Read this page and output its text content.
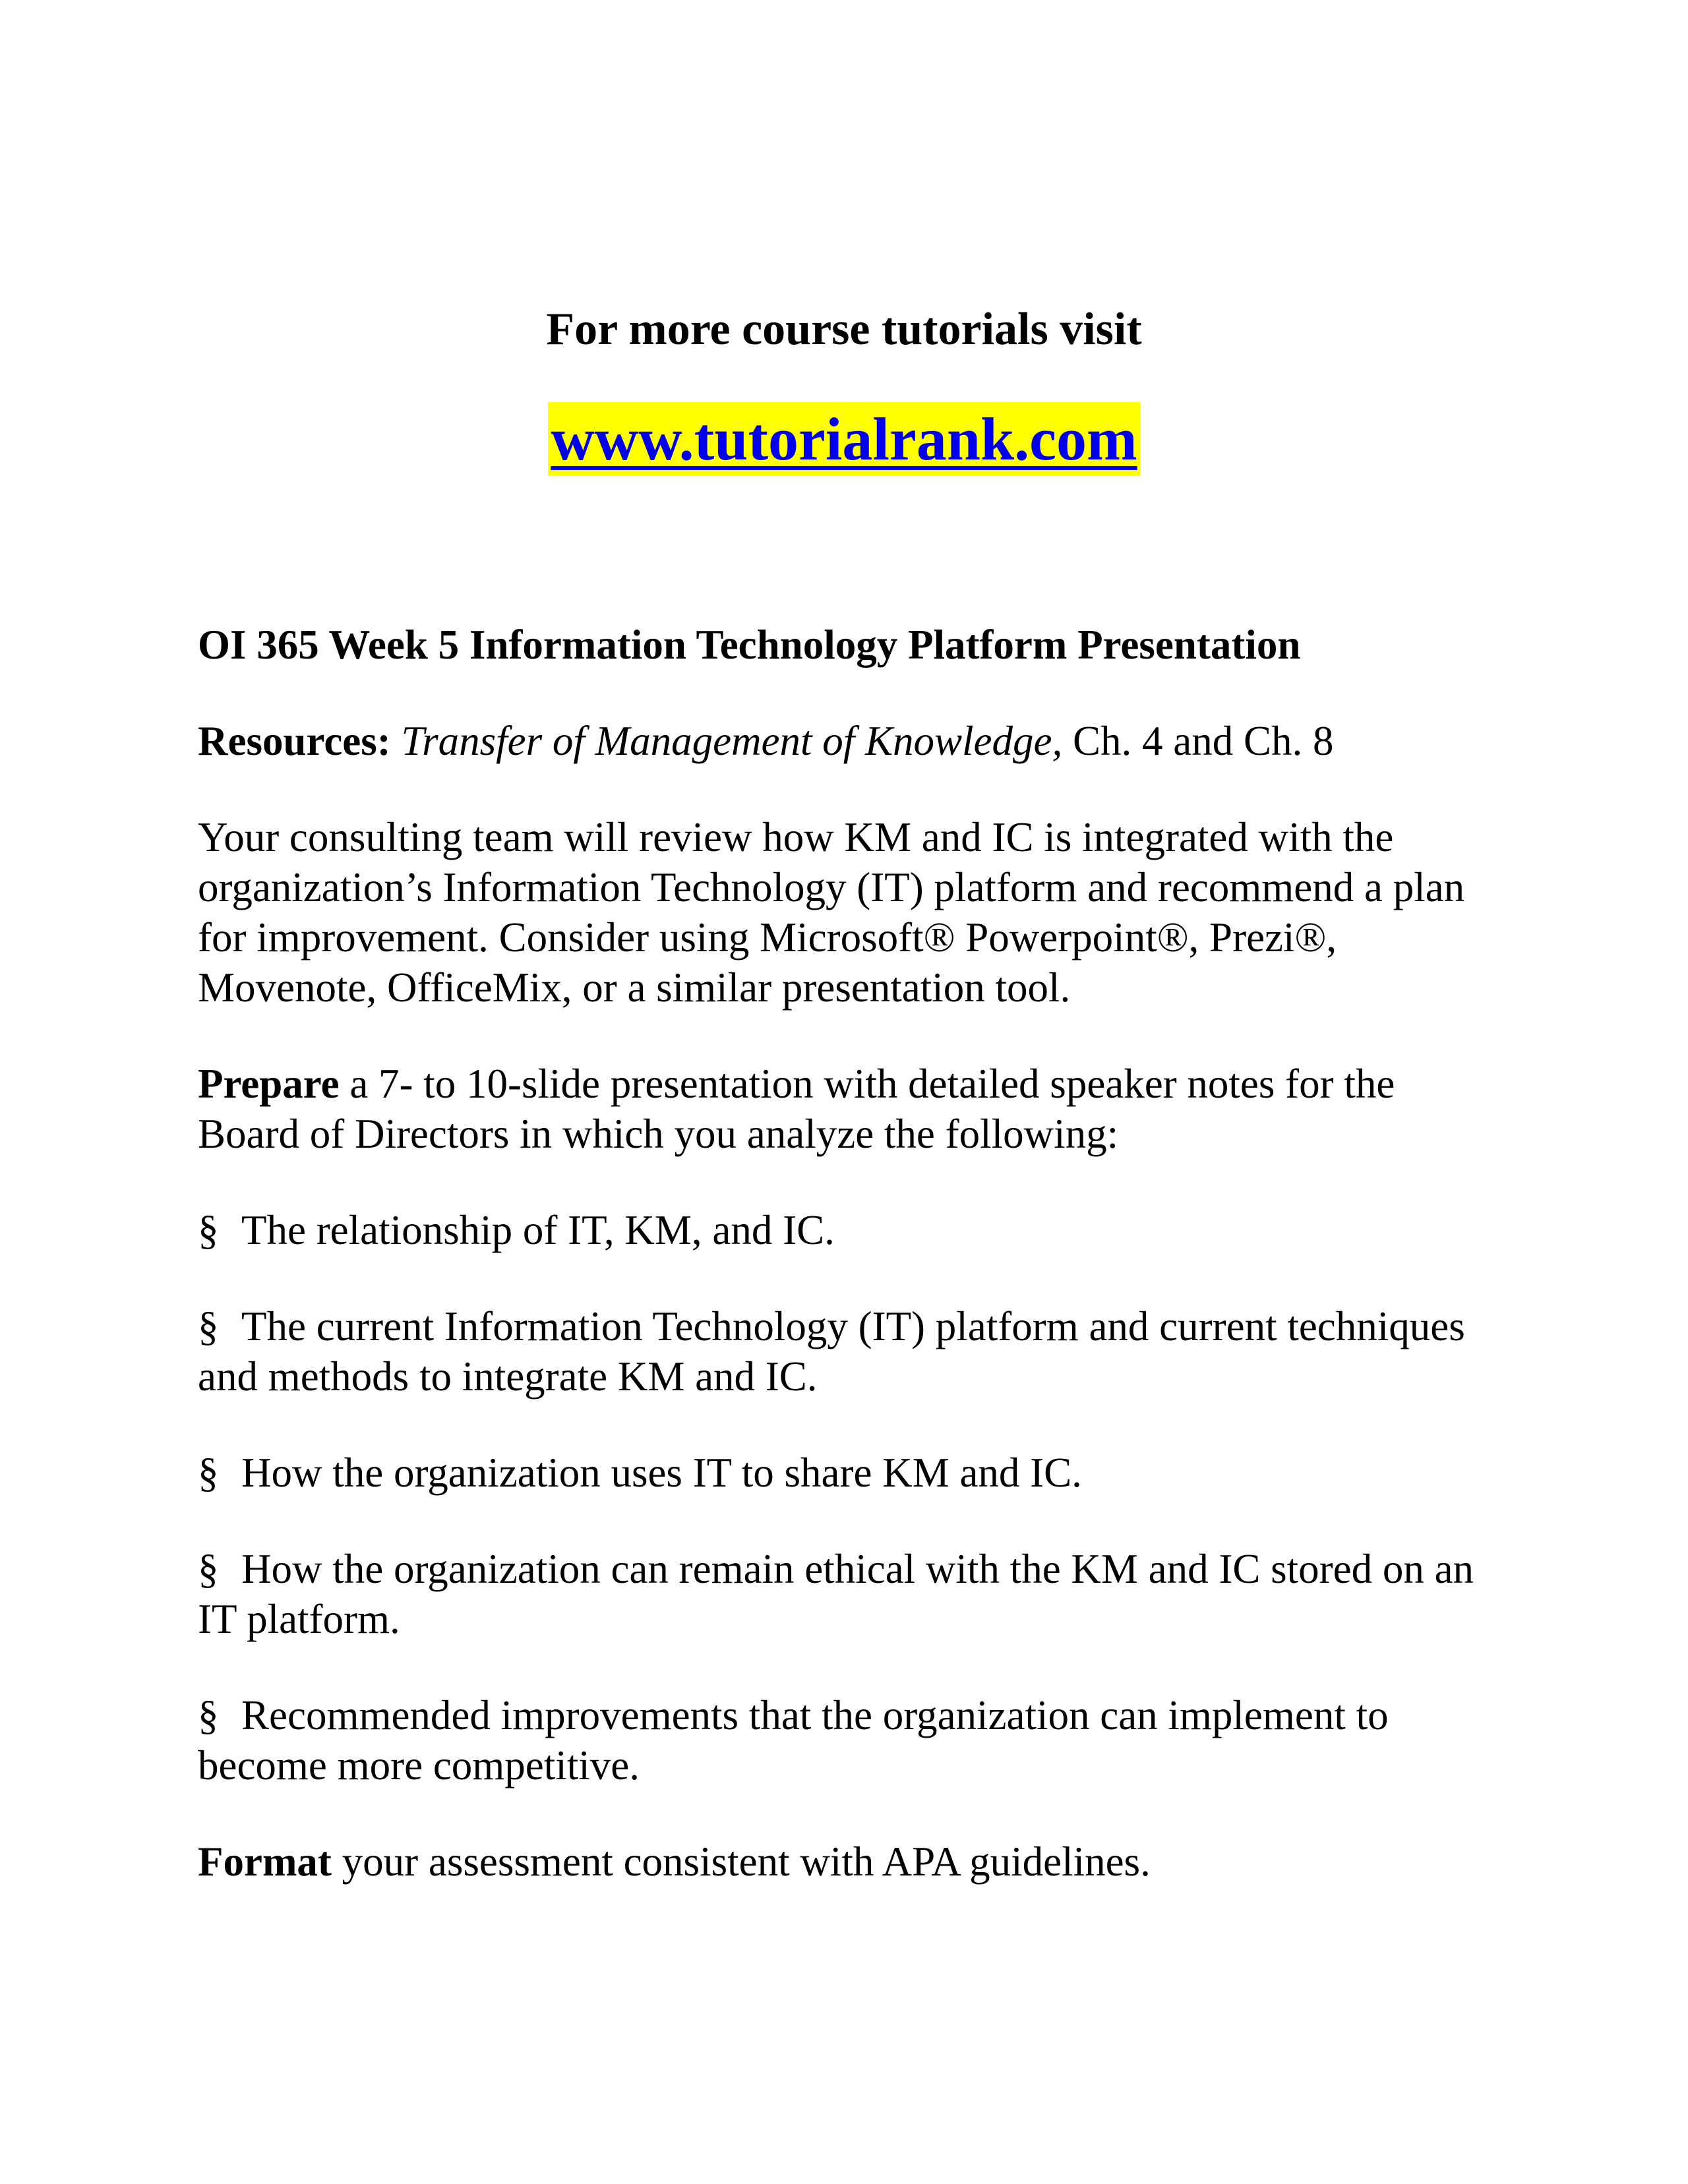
For more course tutorials visit

www.tutorialrank.com

OI 365 Week 5 Information Technology Platform Presentation

Resources: Transfer of Management of Knowledge, Ch. 4 and Ch. 8

Your consulting team will review how KM and IC is integrated with the organization’s Information Technology (IT) platform and recommend a plan for improvement. Consider using Microsoft® Powerpoint®, Prezi®, Movenote, OfficeMix, or a similar presentation tool.

Prepare a 7- to 10-slide presentation with detailed speaker notes for the Board of Directors in which you analyze the following:

§ The relationship of IT, KM, and IC.

§ The current Information Technology (IT) platform and current techniques and methods to integrate KM and IC.

§ How the organization uses IT to share KM and IC.

§ How the organization can remain ethical with the KM and IC stored on an IT platform.

§ Recommended improvements that the organization can implement to become more competitive.

Format your assessment consistent with APA guidelines.
